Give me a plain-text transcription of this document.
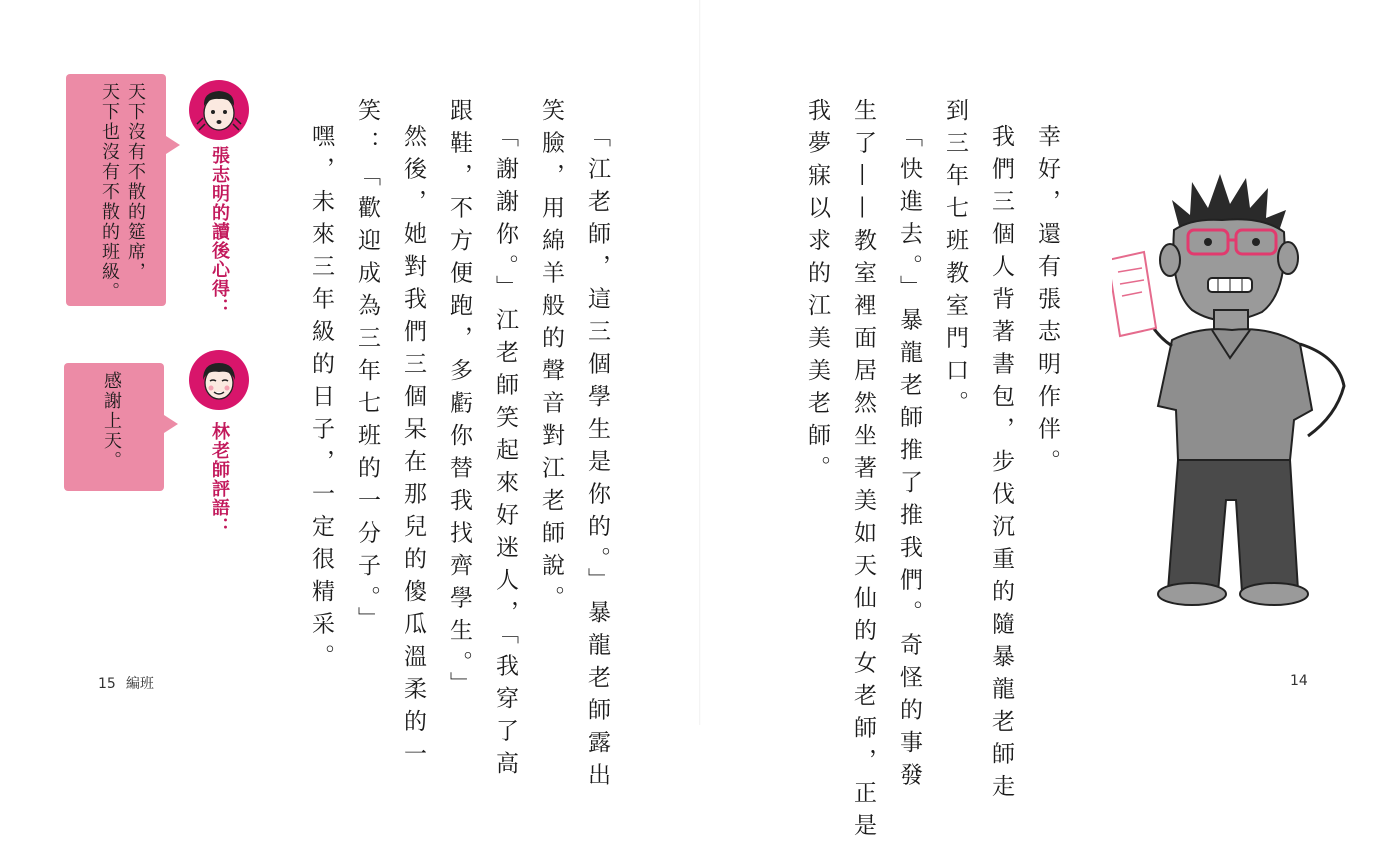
天下沒有不散的筵席，
天下也沒有不散的班級。	張志明的讀後心得：
感謝上天。
林老師評語：	「江老師，這三個學生是你的。」暴龍老師露出
笑臉，用綿羊般的聲音對江老師說。
「謝謝你。」江老師笑起來好迷人，「我穿了高
跟鞋，不方便跑，多虧你替我找齊學生。」
然後，她對我們三個呆在那兒的傻瓜溫柔的一
笑：「歡迎成為三年七班的一分子。」
嘿，未來三年級的日子，一定很精采。
15 編班
幸好，還有張志明作伴。
我們三個人背著書包，步伐沉重的隨暴龍老師走
到三年七班教室門口。
「快進去。」暴龍老師推了推我們。奇怪的事發
生了——教室裡面居然坐著美如天仙的女老師，正是
我夢寐以求的江美美老師。
14
